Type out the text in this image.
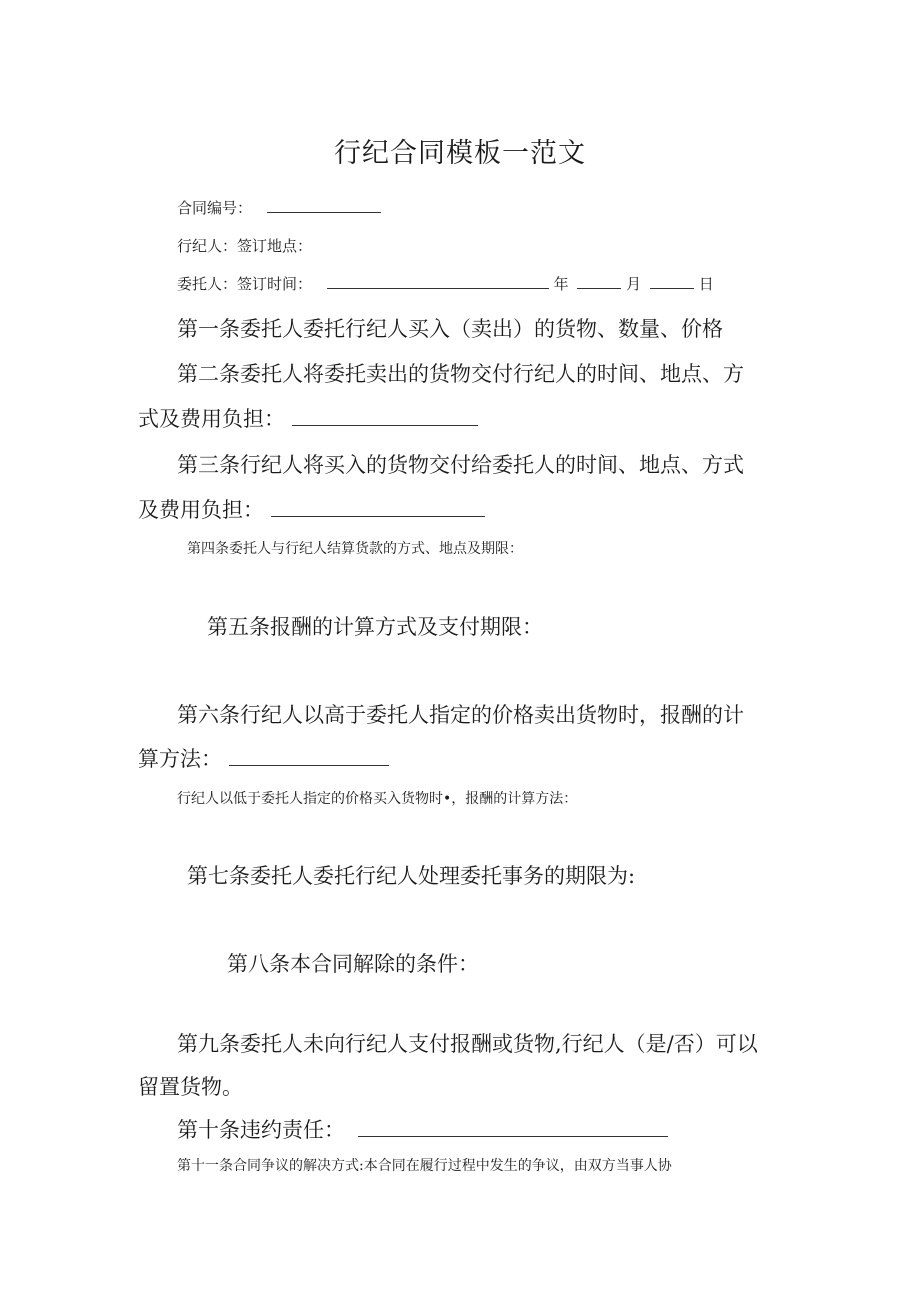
行纪合同模板一范文
合同编号：
行纪人：签订地点：
委托人：签订时间：	年	月	日
第一条委托人委托行纪人买入（卖出）的货物、数量、价格
第二条委托人将委托卖出的货物交付行纪人的时间、地点、方
式及费用负担：
第三条行纪人将买入的货物交付给委托人的时间、地点、方式
及费用负担：
第四条委托人与行纪人结算货款的方式、地点及期限：
第五条报酬的计算方式及支付期限：
第六条行纪人以高于委托人指定的价格卖出货物时，报酬的计
算方法：
行纪人以低于委托人指定的价格买入货物时•，报酬的计算方法：
第七条委托人委托行纪人处理委托事务的期限为:
第八条本合同解除的条件：
第九条委托人未向行纪人支付报酬或货物,行纪人（是/否）可以
留置货物。
第十条违约责任：
第十一条合同争议的解决方式:本合同在履行过程中发生的争议，由双方当事人协
